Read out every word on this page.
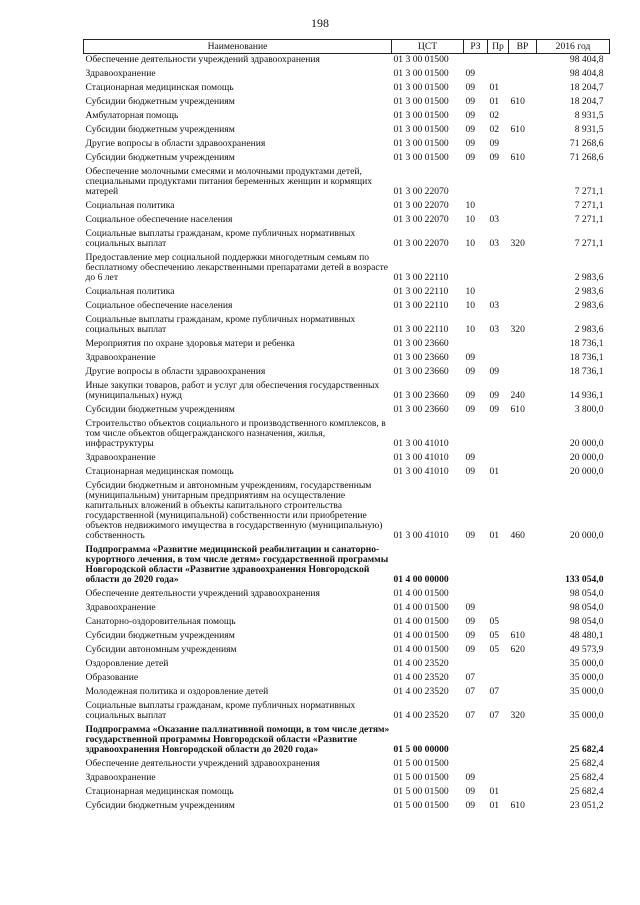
198
Наименование	ЦСТ	РЗ	Пр	ВР	2016 год
Обеспечение деятельности учреждений здравоохранения	01 3 00 01500				98 404,8
Здравоохранение	01 3 00 01500	09			98 404,8
Стационарная медицинская помощь	01 3 00 01500	09	01		18 204,7
Субсидии бюджетным учреждениям	01 3 00 01500	09	01	610	18 204,7
Амбулаторная помощь	01 3 00 01500	09	02		8 931,5
Субсидии бюджетным учреждениям	01 3 00 01500	09	02	610	8 931,5
Другие вопросы в области здравоохранения	01 3 00 01500	09	09		71 268,6
Субсидии бюджетным учреждениям	01 3 00 01500	09	09	610	71 268,6
Обеспечение молочными смесями и молочными продуктами детей, специальными продуктами питания беременных женщин и кормящих матерей	01 3 00 22070				7 271,1
Социальная политика	01 3 00 22070	10			7 271,1
Социальное обеспечение населения	01 3 00 22070	10	03		7 271,1
Социальные выплаты гражданам, кроме публичных нормативных социальных выплат	01 3 00 22070	10	03	320	7 271,1
Предоставление мер социальной поддержки многодетным семьям по бесплатному обеспечению лекарственными препаратами детей в возрасте до 6 лет	01 3 00 22110				2 983,6
Социальная политика	01 3 00 22110	10			2 983,6
Социальное обеспечение населения	01 3 00 22110	10	03		2 983,6
Социальные выплаты гражданам, кроме публичных нормативных социальных выплат	01 3 00 22110	10	03	320	2 983,6
Мероприятия по охране здоровья матери и ребенка	01 3 00 23660				18 736,1
Здравоохранение	01 3 00 23660	09			18 736,1
Другие вопросы в области здравоохранения	01 3 00 23660	09	09		18 736,1
Иные закупки товаров, работ и услуг для обеспечения государственных (муниципальных) нужд	01 3 00 23660	09	09	240	14 936,1
Субсидии бюджетным учреждениям	01 3 00 23660	09	09	610	3 800,0
Строительство объектов социального и производственного комплексов, в том числе объектов общегражданского назначения, жилья, инфраструктуры	01 3 00 41010				20 000,0
Здравоохранение	01 3 00 41010	09			20 000,0
Стационарная медицинская помощь	01 3 00 41010	09	01		20 000,0
Субсидии бюджетным и автономным учреждениям, государственным (муниципальным) унитарным предприятиям на осуществление капитальных вложений в объекты капитального строительства государственной (муниципальной) собственности или приобретение объектов недвижимого имущества в государственную (муниципальную) собственность	01 3 00 41010	09	01	460	20 000,0
Подпрограмма «Развитие медицинской реабилитации и санаторно-курортного лечения, в том числе детям» государственной программы Новгородской области «Развитие здравоохранения Новгородской области до 2020 года»	01 4 00 00000				133 054,0
Обеспечение деятельности учреждений здравоохранения	01 4 00 01500				98 054,0
Здравоохранение	01 4 00 01500	09			98 054,0
Санаторно-оздоровительная помощь	01 4 00 01500	09	05		98 054,0
Субсидии бюджетным учреждениям	01 4 00 01500	09	05	610	48 480,1
Субсидии автономным учреждениям	01 4 00 01500	09	05	620	49 573,9
Оздоровление детей	01 4 00 23520				35 000,0
Образование	01 4 00 23520	07			35 000,0
Молодежная политика и оздоровление детей	01 4 00 23520	07	07		35 000,0
Социальные выплаты гражданам, кроме публичных нормативных социальных выплат	01 4 00 23520	07	07	320	35 000,0
Подпрограмма «Оказание паллиативной помощи, в том числе детям» государственной программы Новгородской области «Развитие здравоохранения Новгородской области до 2020 года»	01 5 00 00000				25 682,4
Обеспечение деятельности учреждений здравоохранения	01 5 00 01500				25 682,4
Здравоохранение	01 5 00 01500	09			25 682,4
Стационарная медицинская помощь	01 5 00 01500	09	01		25 682,4
Субсидии бюджетным учреждениям	01 5 00 01500	09	01	610	23 051,2
